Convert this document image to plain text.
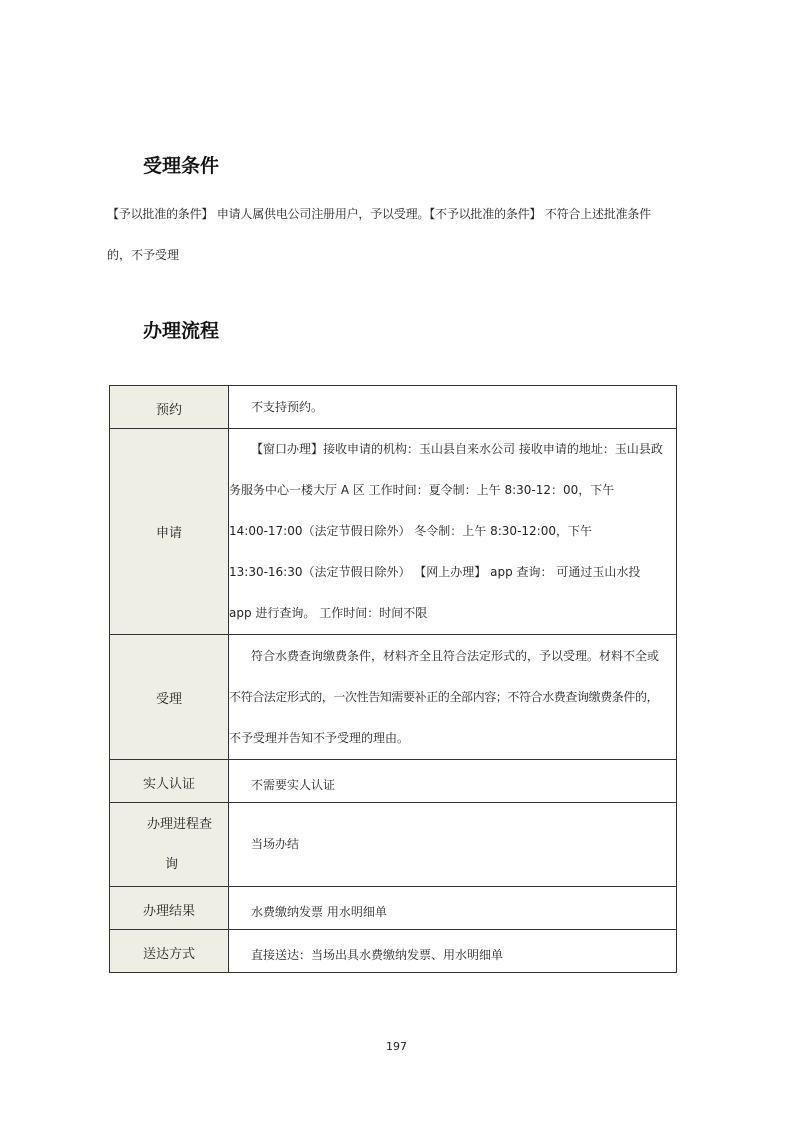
受理条件
【予以批准的条件】 申请人属供电公司注册用户，予以受理。【不予以批准的条件】 不符合上述批准条件
的，不予受理
办理流程
预约	不支持预约。
申请	【窗口办理】接收申请的机构：玉山县自来水公司 接收申请的地址：玉山县政

务服务中心一楼大厅 A 区 工作时间：夏令制：上午 8:30-12：00，下午

14:00-17:00（法定节假日除外） 冬令制：上午 8:30-12:00，下午

13:30-16:30（法定节假日除外） 【网上办理】 app 查询： 可通过玉山水投

app 进行查询。 工作时间：时间不限

受理	符合水费查询缴费条件，材料齐全且符合法定形式的，予以受理。材料不全或

不符合法定形式的，一次性告知需要补正的全部内容；不符合水费查询缴费条件的，

不予受理并告知不予受理的理由。

实人认证	不需要实人认证

办理进程查
询	当场办结

办理结果	水费缴纳发票 用水明细单

送达方式	直接送达：当场出具水费缴纳发票、用水明细单
197
